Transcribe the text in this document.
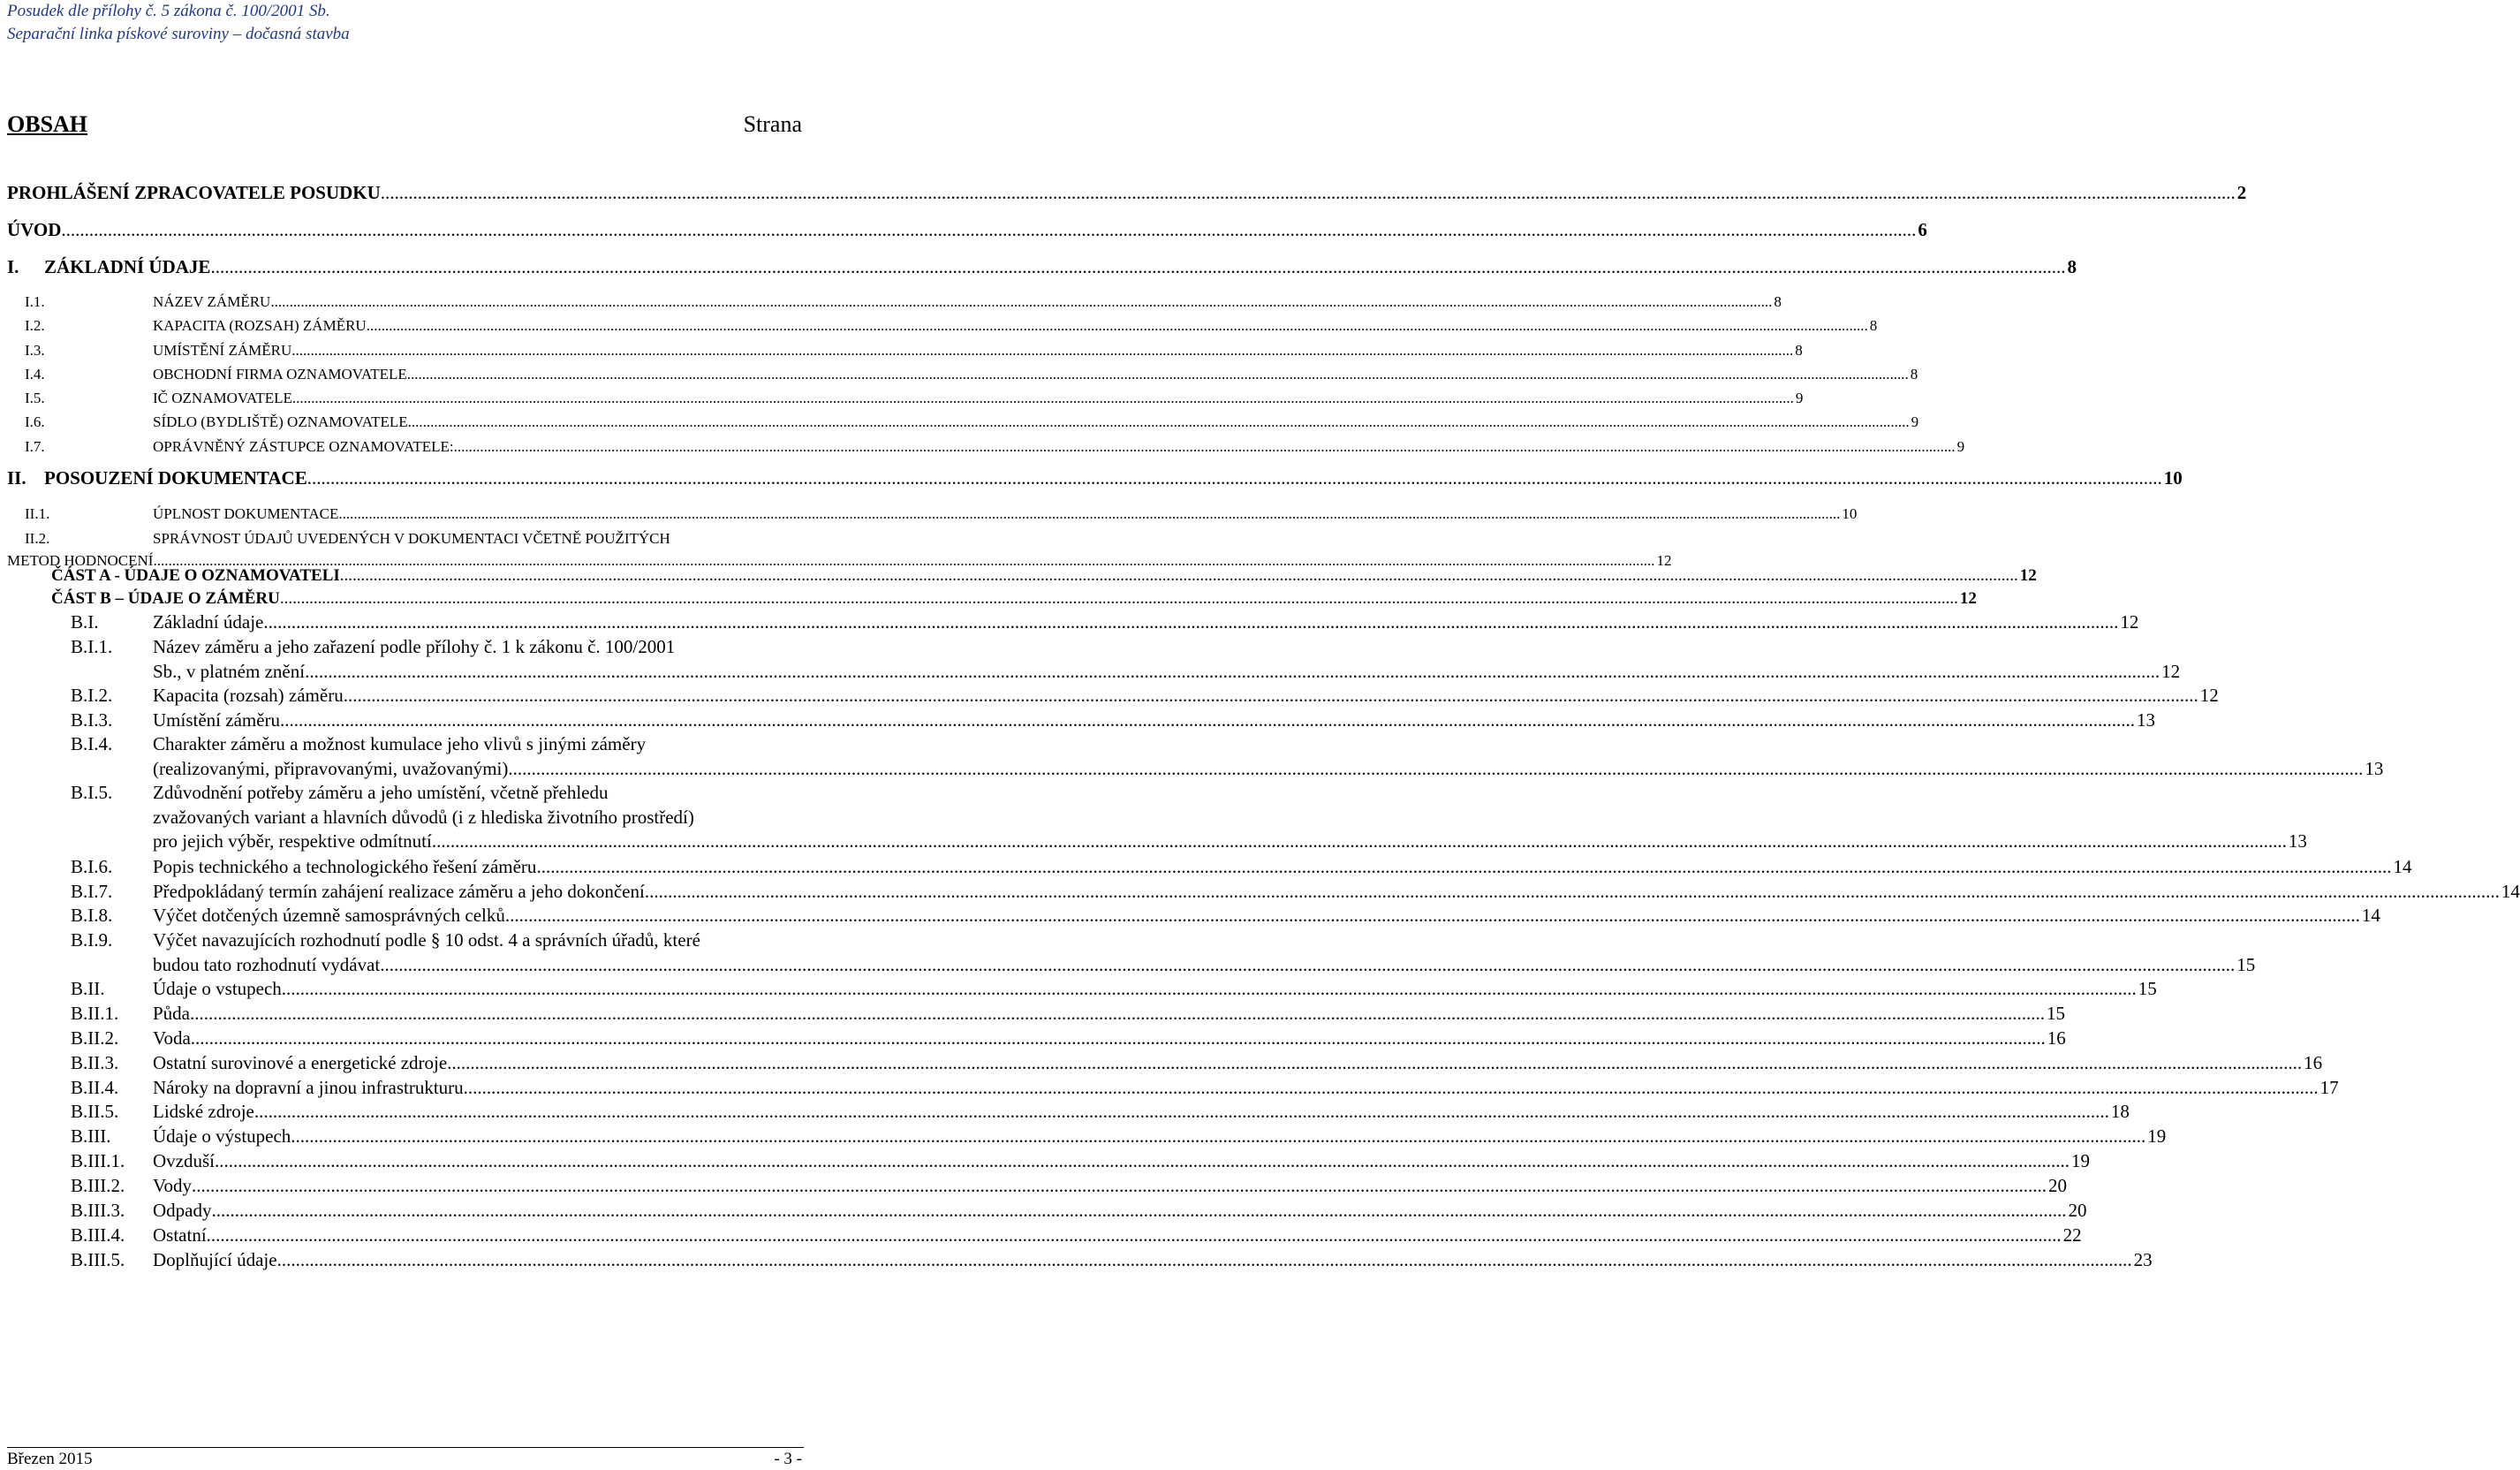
Posudek dle přílohy č. 5 zákona č. 100/2001 Sb.
Separační linka pískové suroviny – dočasná stavba
OBSAH	Strana
PROHLÁŠENÍ ZPRACOVATELE POSUDKU ................................................................................................................................................................................................................................................................................................................................................................................................................ 2
ÚVOD ................................................................................................................................................................................................................................................................................................................................................................................................................ 6
I. ZÁKLADNÍ ÚDAJE ................................................................................................................................................................................................................................................................................................................................................................................................................ 8
I.1.	NÁZEV ZÁMĚRU ................................................................................................................................................................................................................................................................................................................................................................................................................ 8
I.2.	KAPACITA (ROZSAH) ZÁMĚRU ................................................................................................................................................................................................................................................................................................................................................................................................................ 8
I.3.	UMÍSTĚNÍ ZÁMĚRU ................................................................................................................................................................................................................................................................................................................................................................................................................ 8
I.4.	OBCHODNÍ FIRMA OZNAMOVATELE ................................................................................................................................................................................................................................................................................................................................................................................................................ 8
I.5.	IČ OZNAMOVATELE ................................................................................................................................................................................................................................................................................................................................................................................................................ 9
I.6.	SÍDLO (BYDLIŠTĚ) OZNAMOVATELE ................................................................................................................................................................................................................................................................................................................................................................................................................ 9
I.7.	OPRÁVNĚNÝ ZÁSTUPCE OZNAMOVATELE: ................................................................................................................................................................................................................................................................................................................................................................................................................ 9
II. POSOUZENÍ DOKUMENTACE ................................................................................................................................................................................................................................................................................................................................................................................................................ 10
II.1.	ÚPLNOST DOKUMENTACE ................................................................................................................................................................................................................................................................................................................................................................................................................ 10
II.2.	SPRÁVNOST ÚDAJŮ UVEDENÝCH V DOKUMENTACI VČETNĚ POUŽITÝCH
METOD HODNOCENÍ ................................................................................................................................................................................................................................................................................................................................................................................................................ 12
ČÁST A - ÚDAJE O OZNAMOVATELI ................................................................................................................................................................................................................................................................................................................................................................................................................ 12
ČÁST B – ÚDAJE O ZÁMĚRU ................................................................................................................................................................................................................................................................................................................................................................................................................ 12
B.I.	Základní údaje ................................................................................................................................................................................................................................................................................................................................................................................................................ 12
B.I.1. Název záměru a jeho zařazení podle přílohy č. 1 k zákonu č. 100/2001
Sb., v platném znění ................................................................................................................................................................................................................................................................................................................................................................................................................ 12
B.I.2. Kapacita (rozsah) záměru ................................................................................................................................................................................................................................................................................................................................................................................................................ 12
B.I.3. Umístění záměru ................................................................................................................................................................................................................................................................................................................................................................................................................ 13
B.I.4. Charakter záměru a možnost kumulace jeho vlivů s jinými záměry
(realizovanými, připravovanými, uvažovanými) ................................................................................................................................................................................................................................................................................................................................................................................................................ 13
B.I.5. Zdůvodnění potřeby záměru a jeho umístění, včetně přehledu
zvažovaných variant a hlavních důvodů (i z hlediska životního prostředí)
pro jejich výběr, respektive odmítnutí ................................................................................................................................................................................................................................................................................................................................................................................................................ 13
B.I.6. Popis technického a technologického řešení záměru ................................................................................................................................................................................................................................................................................................................................................................................................................ 14
B.I.7. Předpokládaný termín zahájení realizace záměru a jeho dokončení ................................................................................................................................................................................................................................................................................................................................................................................................................ 14
B.I.8. Výčet dotčených územně samosprávných celků ................................................................................................................................................................................................................................................................................................................................................................................................................ 14
B.I.9. Výčet navazujících rozhodnutí podle § 10 odst. 4 a správních úřadů, které
budou tato rozhodnutí vydávat ................................................................................................................................................................................................................................................................................................................................................................................................................ 15
B.II.	Údaje o vstupech ................................................................................................................................................................................................................................................................................................................................................................................................................ 15
B.II.1. Půda ................................................................................................................................................................................................................................................................................................................................................................................................................ 15
B.II.2. Voda ................................................................................................................................................................................................................................................................................................................................................................................................................ 16
B.II.3. Ostatní surovinové a energetické zdroje ................................................................................................................................................................................................................................................................................................................................................................................................................ 16
B.II.4. Nároky na dopravní a jinou infrastrukturu ................................................................................................................................................................................................................................................................................................................................................................................................................ 17
B.II.5. Lidské zdroje ................................................................................................................................................................................................................................................................................................................................................................................................................ 18
B.III. Údaje o výstupech ................................................................................................................................................................................................................................................................................................................................................................................................................ 19
B.III.1. Ovzduší ................................................................................................................................................................................................................................................................................................................................................................................................................ 19
B.III.2. Vody ................................................................................................................................................................................................................................................................................................................................................................................................................ 20
B.III.3. Odpady ................................................................................................................................................................................................................................................................................................................................................................................................................ 20
B.III.4. Ostatní ................................................................................................................................................................................................................................................................................................................................................................................................................ 22
B.III.5. Doplňující údaje ................................................................................................................................................................................................................................................................................................................................................................................................................ 23
Březen 2015	- 3 -
